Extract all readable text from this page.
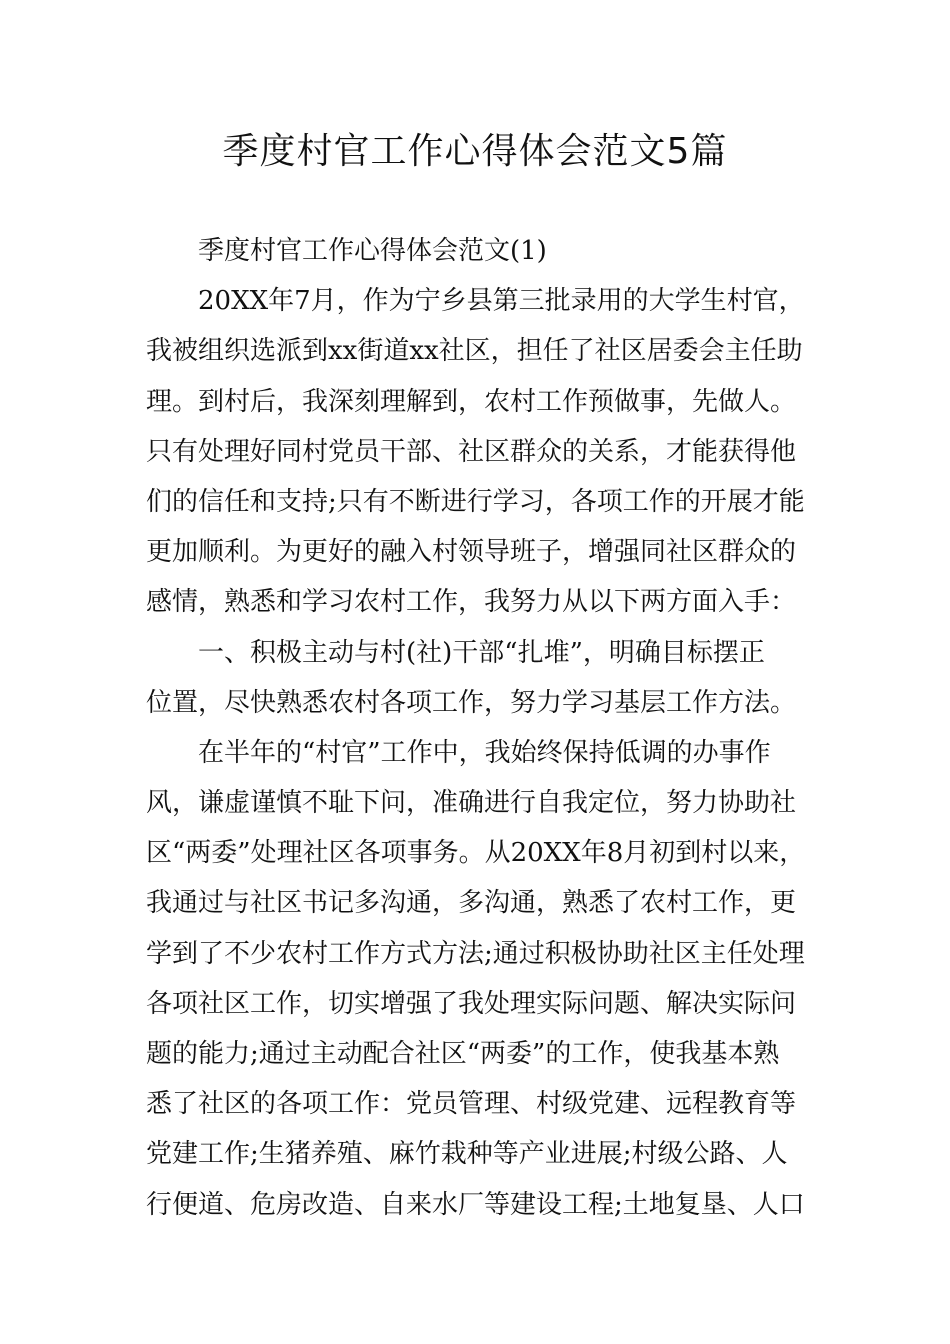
季度村官工作心得体会范文5篇
季度村官工作心得体会范文(1)
20XX年7月，作为宁乡县第三批录用的大学生村官，
我被组织选派到xx街道xx社区，担任了社区居委会主任助
理。到村后，我深刻理解到，农村工作预做事，先做人。
只有处理好同村党员干部、社区群众的关系，才能获得他
们的信任和支持;只有不断进行学习，各项工作的开展才能
更加顺利。为更好的融入村领导班子，增强同社区群众的
感情，熟悉和学习农村工作，我努力从以下两方面入手：
一、积极主动与村(社)干部“扎堆”，明确目标摆正
位置，尽快熟悉农村各项工作，努力学习基层工作方法。
在半年的“村官”工作中，我始终保持低调的办事作
风，谦虚谨慎不耻下问，准确进行自我定位，努力协助社
区“两委”处理社区各项事务。从20XX年8月初到村以来，
我通过与社区书记多沟通，多沟通，熟悉了农村工作，更
学到了不少农村工作方式方法;通过积极协助社区主任处理
各项社区工作，切实增强了我处理实际问题、解决实际问
题的能力;通过主动配合社区“两委”的工作，使我基本熟
悉了社区的各项工作：党员管理、村级党建、远程教育等
党建工作;生猪养殖、麻竹栽种等产业进展;村级公路、人
行便道、危房改造、自来水厂等建设工程;土地复垦、人口
